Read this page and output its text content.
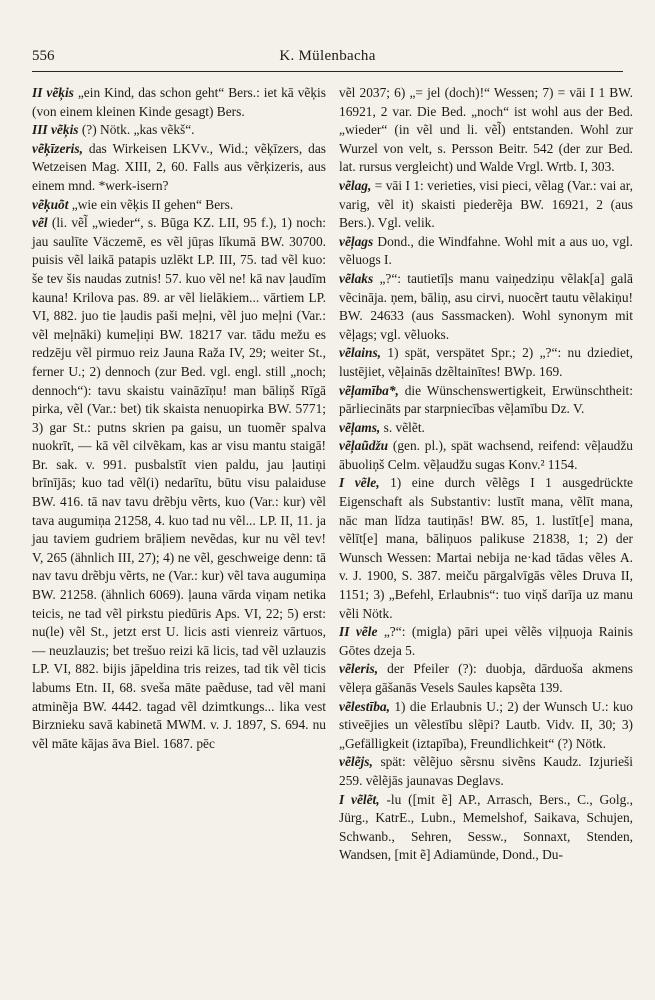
556	K. Mülenbacha

II vẽķis „ein Kind, das schon geht“ Bers.: iet kā vẽķis (von einem kleinen Kinde gesagt) Bers.

III vẽķis (?) Nötk. „kas vẽkš“.

vẽķīzeris, das Wirkeisen LKVv., Wid.; vẽķīzers, das Wetzeisen Mag. XIII, 2, 60. Falls aus vẽrķizeris, aus einem mnd. *werk-isern?

vẽķuõt „wie ein vẽķis II gehen“ Bers.

vẽl (li. vẽl̃ „wieder“, s. Būga KZ. LII, 95 f.), 1) noch: jau saulīte Väczemē, es vẽl jūŗas līkumā BW. 30700. puisis vẽl laikā patapis uzlēkt LP. III, 75. tad vẽl kuo: še tev šis naudas zutnis! 57. kuo vẽl ne! kā nav ļaudīm kauna! Krilova pas. 89. ar vẽl lielākiem... vārtiem LP. VI, 882. juo tie ļaudis paši meļni, vẽl juo meļni (Var.: vẽl meļnāki) kumeļiņi BW. 18217 var. tādu mežu es redzēju vẽl pirmuo reiz Jauna Raža IV, 29; weiter St., ferner U.; 2) dennoch (zur Bed. vgl. engl. still „noch; dennoch“): tavu skaistu vaināzīņu! man bāliņš Rīgā pirka, vẽl (Var.: bet) tik skaista nenuopirka BW. 5771; 3) gar St.: putns skrien pa gaisu, un tuomẽr spalva nuokrīt, — kā vẽl cilvẽkam, kas ar visu mantu staigā! Br. sak. v. 991. pusbalstīt vien paldu, jau ļautiņi brīnījās; kuo tad vẽl(i) nedarītu, būtu visu palaiduse BW. 416. tā nav tavu drẽbju vẽrts, kuo (Var.: kur) vẽl tava augumiņa 21258, 4. kuo tad nu vẽl... LP. II, 11. ja jau taviem gudriem brāļiem nevẽdas, kur nu vẽl tev! V, 265 (ähnlich III, 27); 4) ne vẽl, geschweige denn: tā nav tavu drẽbju vẽrts, ne (Var.: kur) vẽl tava augumiņa BW. 21258. (ähnlich 6069). ļauna vārda viņam netika teicis, ne tad vẽl pirkstu piedūris Aps. VI, 22; 5) erst: nu(le) vẽl St., jetzt erst U. licis asti vienreiz vārtuos, — neuzlauzis; bet trešuo reizi kā licis, tad vẽl uzlauzis LP. VI, 882. bijis jāpeldina tris reizes, tad tik vẽl ticis labums Etn. II, 68. sveša māte paẽduse, tad vẽl mani atminẽja BW. 4442. tagad vẽl dzimtkungs... lika vest Birznieku savā kabinetā MWM. v. J. 1897, S. 694. nu vẽl māte kājas āva Biel. 1687. pēc

vẽl 2037; 6) „= jel (doch)!“ Wessen; 7) = vāi I 1 BW. 16921, 2 var. Die Bed. „noch“ ist wohl aus der Bed. „wieder“ (in vẽl und li. vẽl̃) entstanden. Wohl zur Wurzel von velt, s. Persson Beitr. 542 (der zur Bed. lat. rursus vergleicht) und Walde Vrgl. Wrtb. I, 303.

vẽlag, = vāi I 1: verieties, visi pieci, vẽlag (Var.: vai ar, varig, vẽl it) skaisti piederẽja BW. 16921, 2 (aus Bers.). Vgl. velik.

vẽļags Dond., die Windfahne. Wohl mit a aus uo, vgl. vẽluogs I.

vẽlaks „?“: tautietīļs manu vaiņedziņu vẽlak[a] galā vẽcināja. ņem, bāliņ, asu cirvi, nuocẽrt tautu vẽlakiņu! BW. 24633 (aus Sassmacken). Wohl synonym mit vẽļags; vgl. vẽluoks.

vẽlains, 1) spät, verspätet Spr.; 2) „?“: nu dziediet, lustējiet, vẽļainās dzẽltainītes! BWp. 169.

vẽļamība*, die Wünschenswertigkeit, Erwünschtheit: pārliecināts par starpniecības vẽļamību Dz. V.

vẽļams, s. vẽlẽt.

vẽļaũdžu (gen. pl.), spät wachsend, reifend: vẽļaudžu ābuoliņš Celm. vẽļaudžu sugas Konv.² 1154.

I vẽle, 1) eine durch vẽlẽgs I 1 ausgedrückte Eigenschaft als Substantiv: lustīt mana, vẽlīt mana, nāc man līdza tautiņās! BW. 85, 1. lustīt[e] mana, vẽlīt[e] mana, bāliņuos palikuse 21838, 1; 2) der Wunsch Wessen: Martai nebija ne·kad tādas vẽles A. v. J. 1900, S. 387. meiču pārgalvīgās vẽles Druva II, 1151; 3) „Befehl, Erlaubnis“: tuo viņš darīja uz manu vẽli Nötk.

II vẽle „?“: (migla) pāri upei vẽlẽs viļņuoja Rainis Gōtes dzeja 5.

vẽleris, der Pfeiler (?): duobja, dārduoša akmens vẽleŗa gāšanās Vesels Saules kapsẽta 139.

vẽlestība, 1) die Erlaubnis U.; 2) der Wunsch U.: kuo stiveējies un vẽlestību slẽpi? Lautb. Vidv. II, 30; 3) „Gefälligkeit (iztapība), Freundlichkeit“ (?) Nötk.

vẽlẽjs, spät: vẽlẽjuo sẽrsnu sivẽns Kaudz. Izjurieši 259. vẽlẽjās jaunavas Deglavs.

I vẽlẽt, -lu ([mit ẽ] AP., Arrasch, Bers., C., Golg., Jürg., KatrE., Lubn., Memelshof, Saikava, Schujen, Schwanb., Sehren, Sessw., Sonnaxt, Stenden, Wandsen, [mit ẽ] Adiamünde, Dond., Du-
